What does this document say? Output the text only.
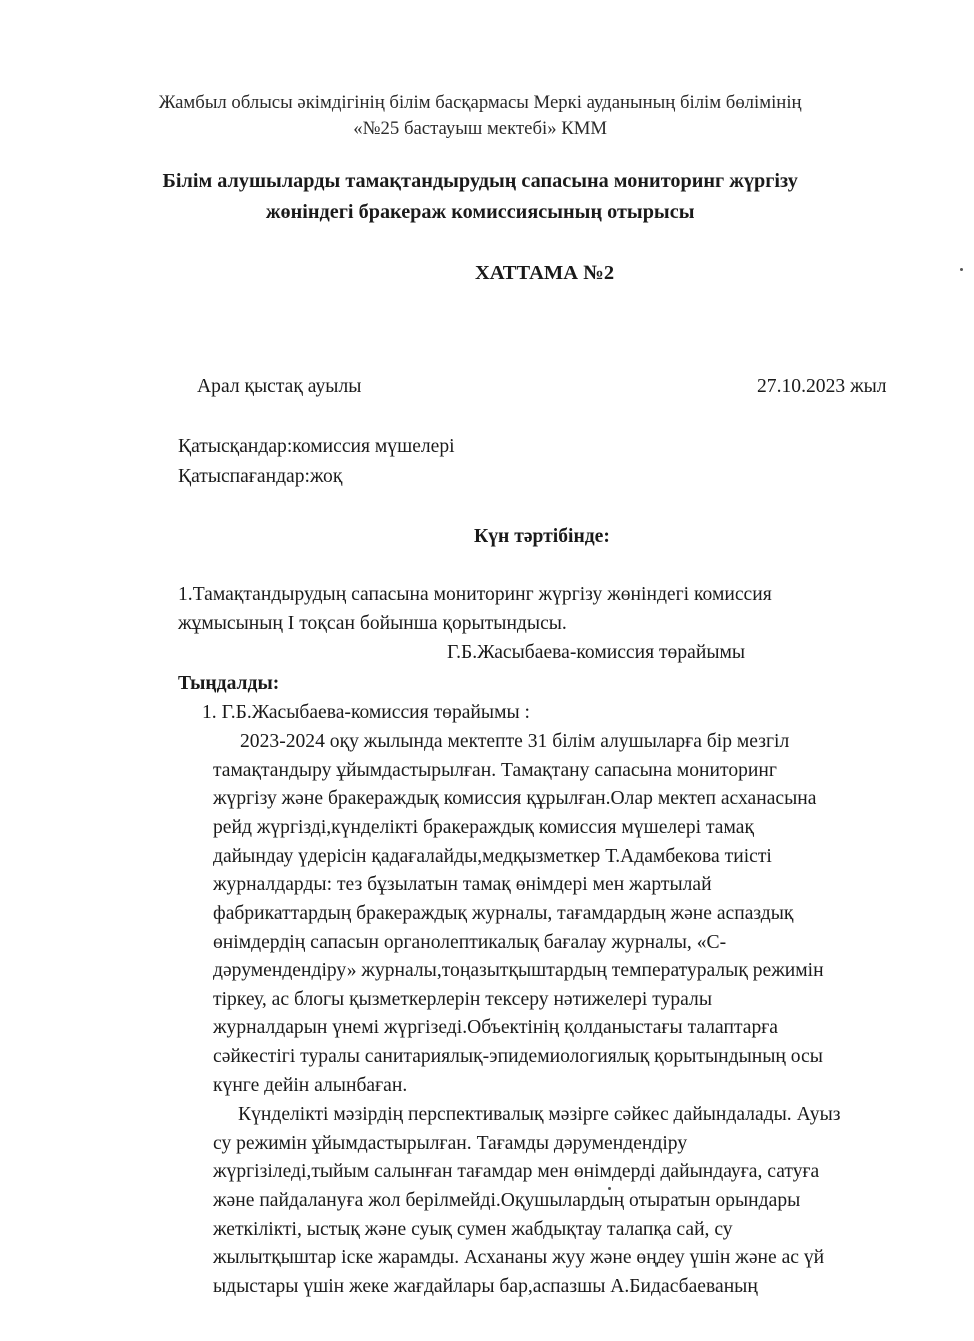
Жамбыл облысы әкімдігінің білім басқармасы Меркі ауданының білім бөлімінің
«№25 бастауыш мектебі» КММ
Білім алушыларды тамақтандырудың сапасына мониторинг жүргізу
жөніндегі бракераж комиссиясының отырысы
ХАТТАМА №2
Арал қыстақ ауылы	27.10.2023 жыл
Қатысқандар:комиссия мүшелері
Қатыспағандар:жоқ
Күн тәртібінде:
1.Тамақтандырудың сапасына мониторинг жүргізу жөніндегі комиссия
жұмысының I тоқсан бойынша қорытындысы.
Г.Б.Жасыбаева-комиссия төрайымы
Тыңдалды:
1. Г.Б.Жасыбаева-комиссия төрайымы :
2023-2024 оқу жылында мектепте 31 білім алушыларға бір мезгіл
тамақтандыру ұйымдастырылған. Тамақтану сапасына мониторинг
жүргізу және бракераждық комиссия құрылған.Олар мектеп асханасына
рейд жүргізді,күнделікті бракераждық комиссия мүшелері тамақ
дайындау үдерісін қадағалайды,медқызметкер Т.Адамбекова тиісті
журналдарды: тез бұзылатын тамақ өнімдері мен жартылай
фабрикаттардың бракераждық журналы, тағамдардың және аспаздық
өнімдердің сапасын органолептикалық бағалау журналы, «С-
дәрумендендіру» журналы,тоңазытқыштардың температуралық режимін
тіркеу, ас блогы қызметкерлерін тексеру нәтижелері туралы
журналдарын үнемі жүргізеді.Объектінің қолданыстағы талаптарға
сәйкестігі туралы санитариялық-эпидемиологиялық қорытындының осы
күнге дейін алынбаған.
Күнделікті мәзірдің перспективалық мәзірге сәйкес дайындалады. Ауыз
су режимін ұйымдастырылған. Тағамды дәрумендендіру
жүргізіледі,тыйым салынған тағамдар мен өнімдерді дайындауға, сатуға
және пайдалануға жол берілмейді.Оқушылардың отыратын орындары
жеткілікті, ыстық және суық сумен жабдықтау талапқа сай, су
жылытқыштар іске жарамды. Асхананы жуу және өңдеу үшін және ас үй
ыдыстары үшін жеке жағдайлары бар,аспазшы А.Бидасбаеваның
